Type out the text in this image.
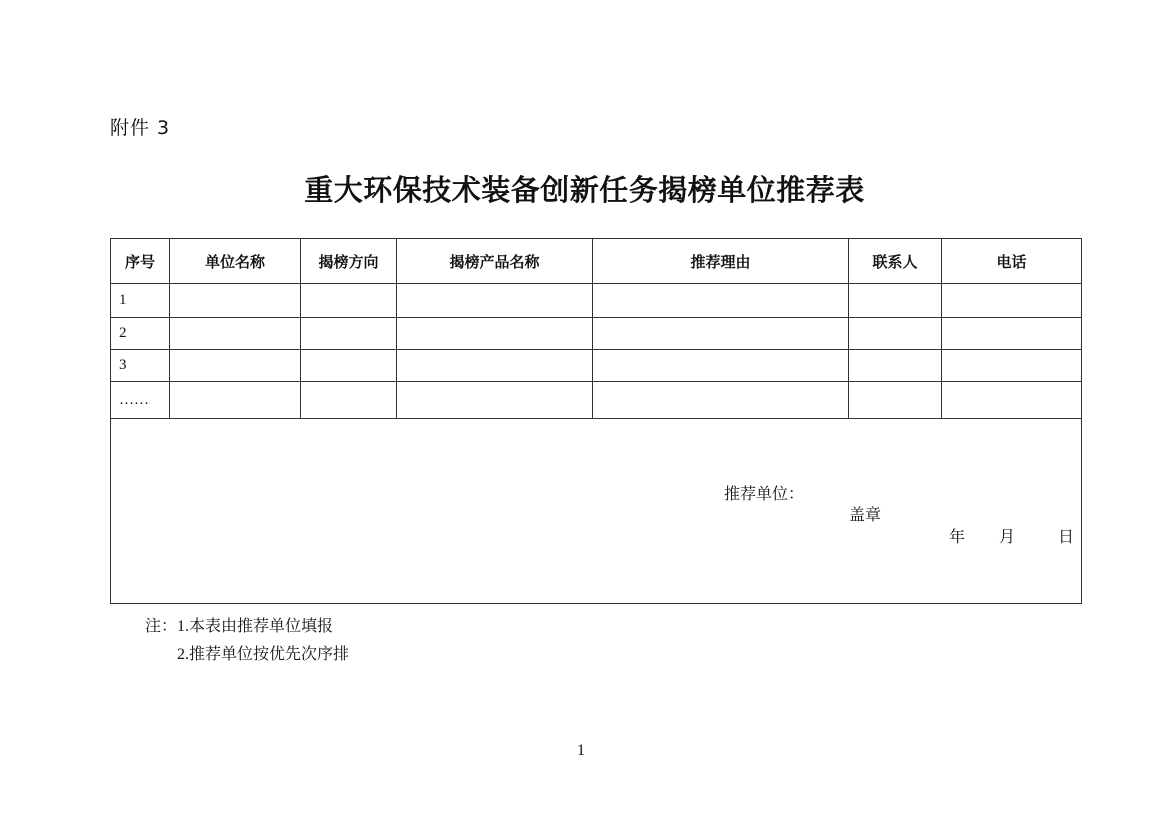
附件 3
重大环保技术装备创新任务揭榜单位推荐表
序号	单位名称	揭榜方向	揭榜产品名称	推荐理由	联系人	电话
1						
2						
3						
……						

推荐单位：
盖章
年 月 日						
注：1.本表由推荐单位填报
2.推荐单位按优先次序排
1
